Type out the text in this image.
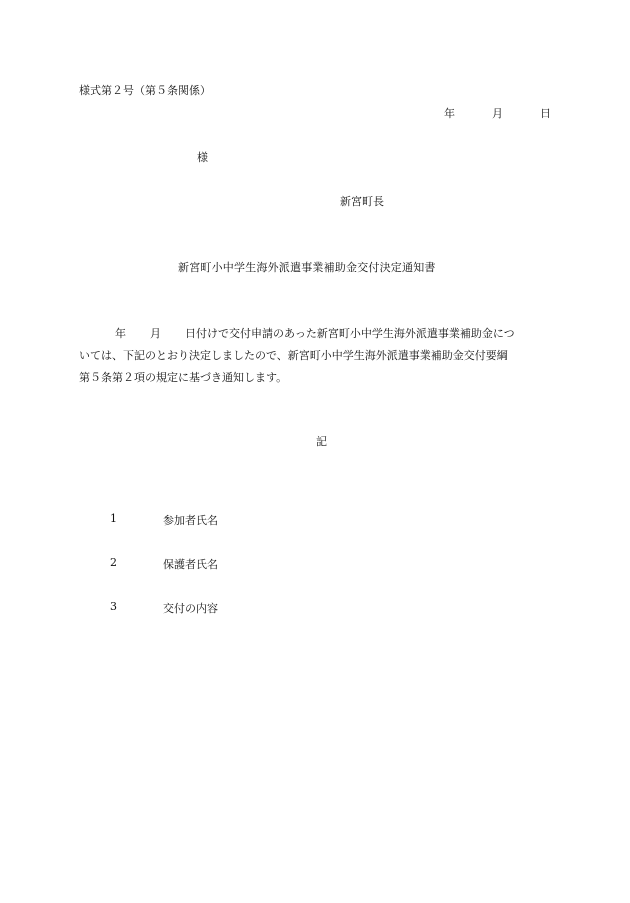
様式第２号（第５条関係）
年	月	日
様
新宮町長
新宮町小中学生海外派遣事業補助金交付決定通知書
年 月 日付けで交付申請のあった新宮町小中学生海外派遣事業補助金につ
いては、下記のとおり決定しましたので、新宮町小中学生海外派遣事業補助金交付要綱
第５条第２項の規定に基づき通知します。
記
1	参加者氏名
2	保護者氏名
3	交付の内容
